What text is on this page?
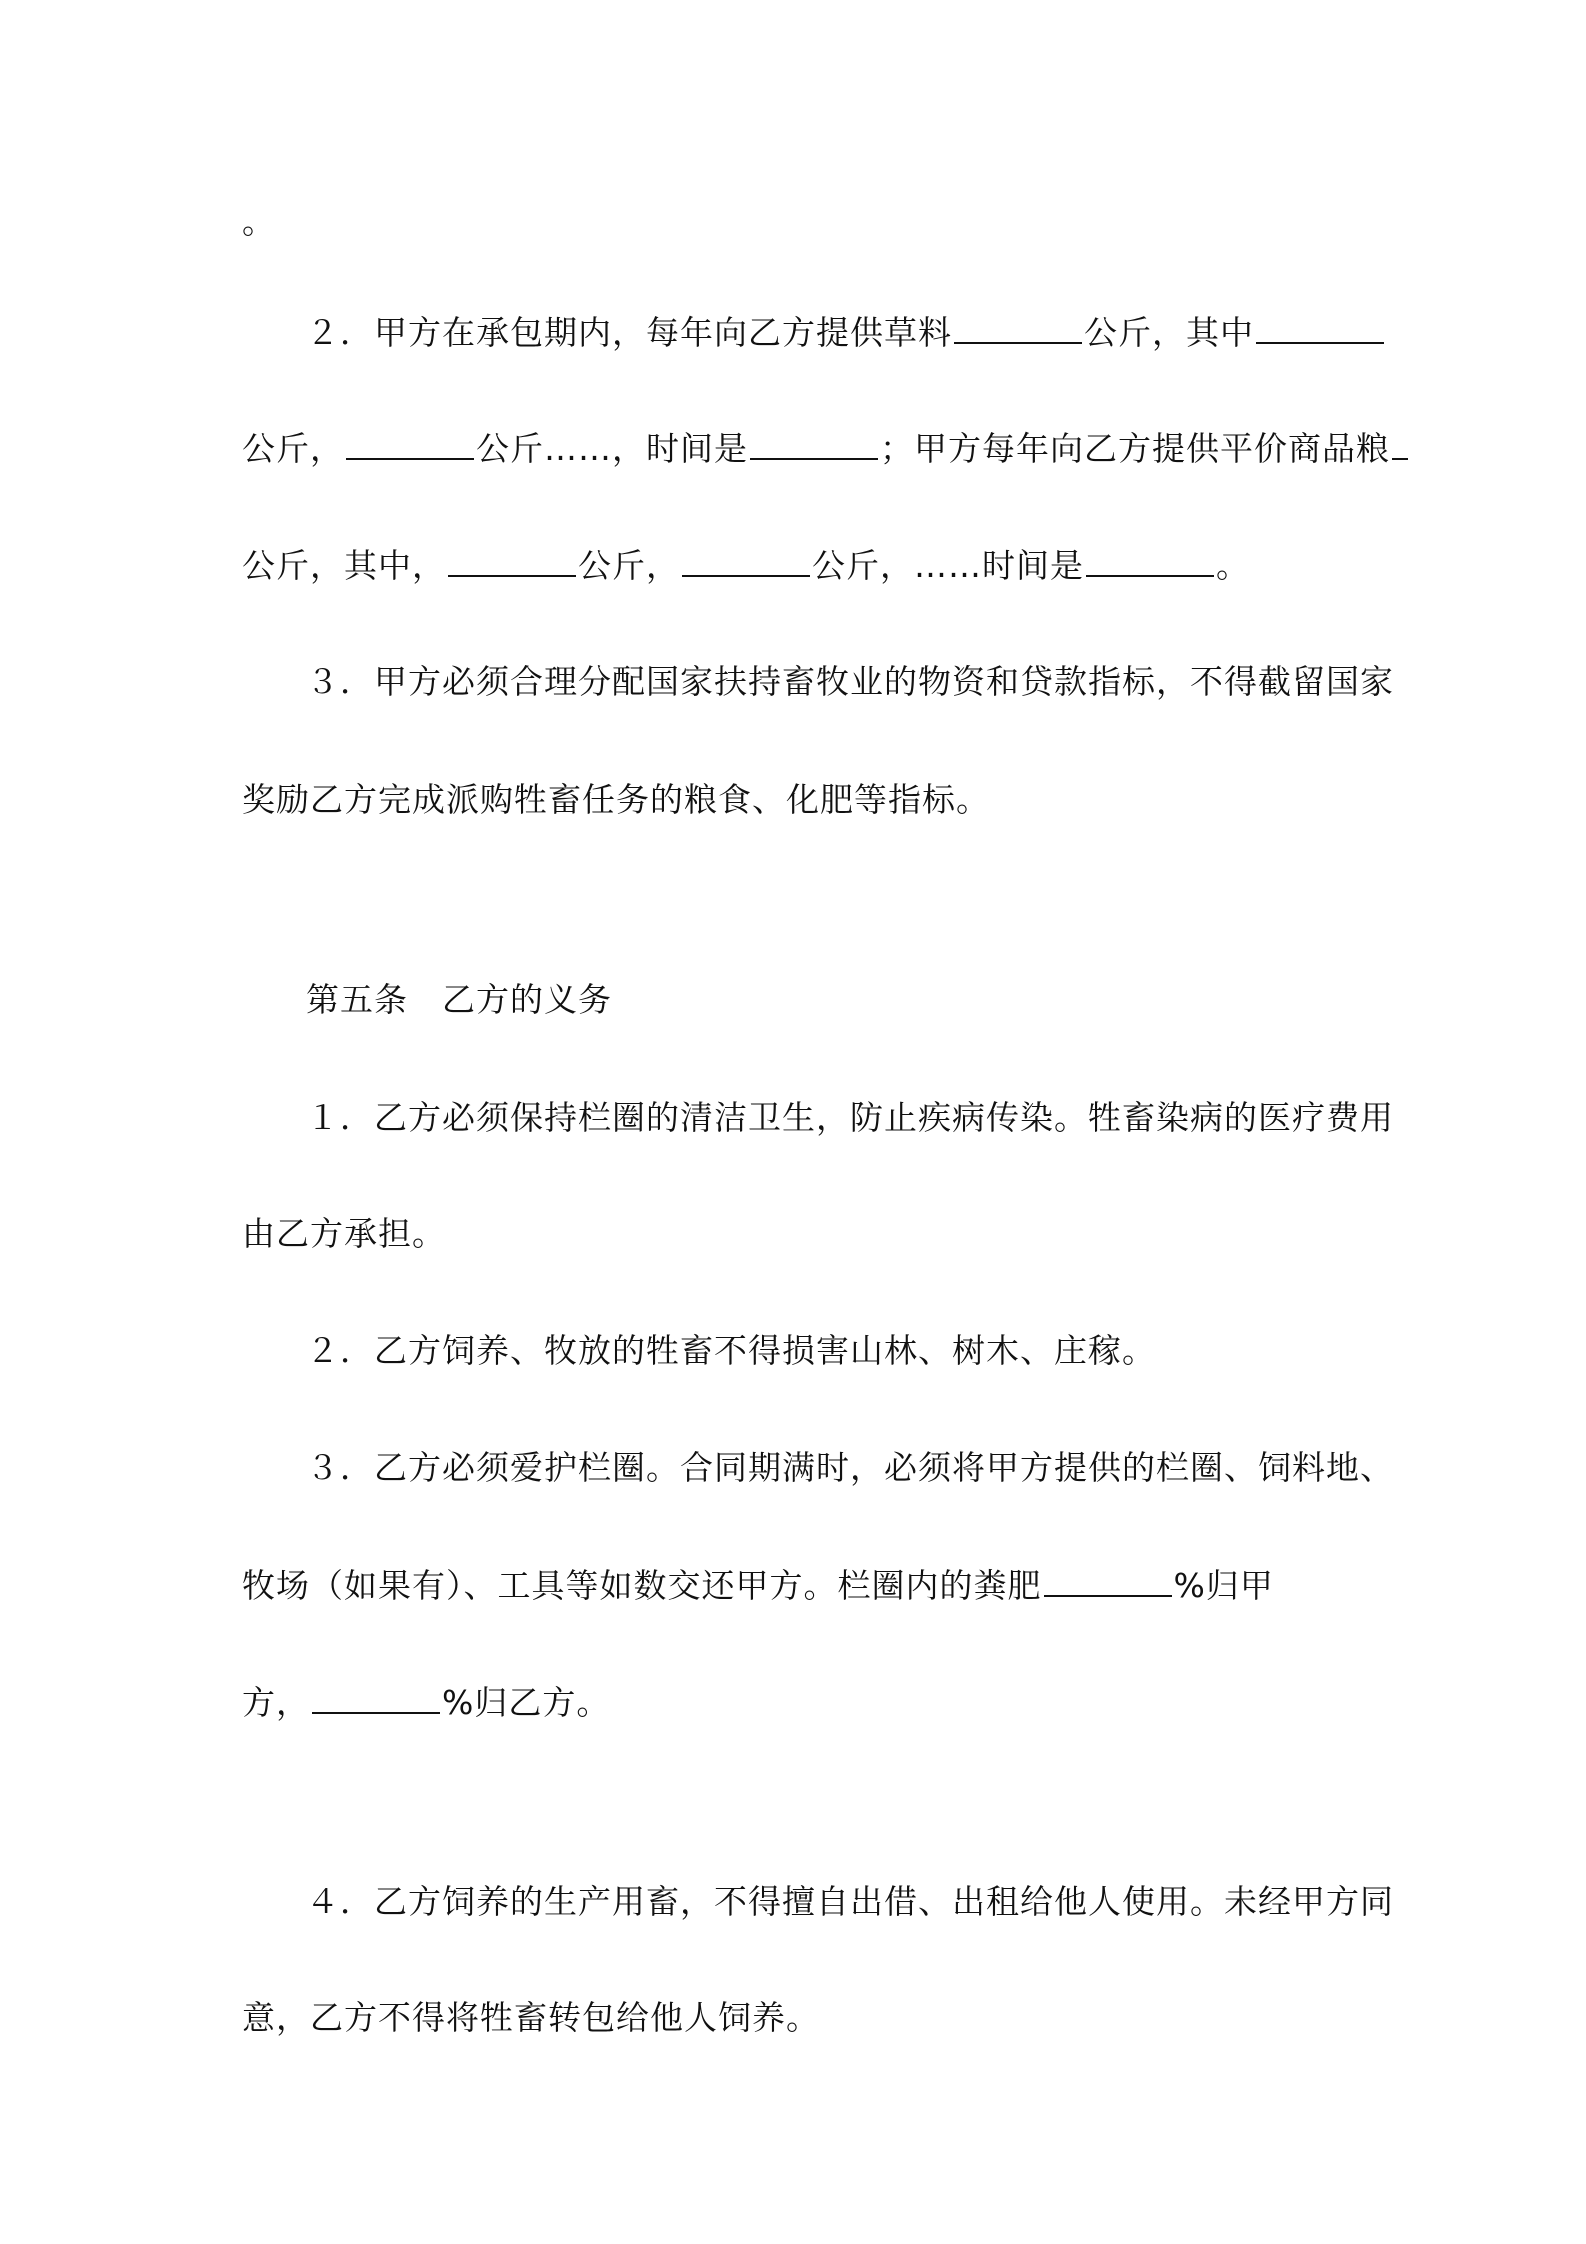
。
２．甲方在承包期内，每年向乙方提供草料	公斤，其中
公斤，	公斤……，时间是	；甲方每年向乙方提供平价商品粮
公斤，其中，	公斤，	公斤，……时间是	。
３．甲方必须合理分配国家扶持畜牧业的物资和贷款指标，不得截留国家
奖励乙方完成派购牲畜任务的粮食、化肥等指标。
第五条　乙方的义务
１．乙方必须保持栏圈的清洁卫生，防止疾病传染。牲畜染病的医疗费用
由乙方承担。
２．乙方饲养、牧放的牲畜不得损害山林、树木、庄稼。
３．乙方必须爱护栏圈。合同期满时，必须将甲方提供的栏圈、饲料地、
牧场（如果有）、工具等如数交还甲方。栏圈内的粪肥	%归甲
方，	%归乙方。
４．乙方饲养的生产用畜，不得擅自出借、出租给他人使用。未经甲方同
意，乙方不得将牲畜转包给他人饲养。
